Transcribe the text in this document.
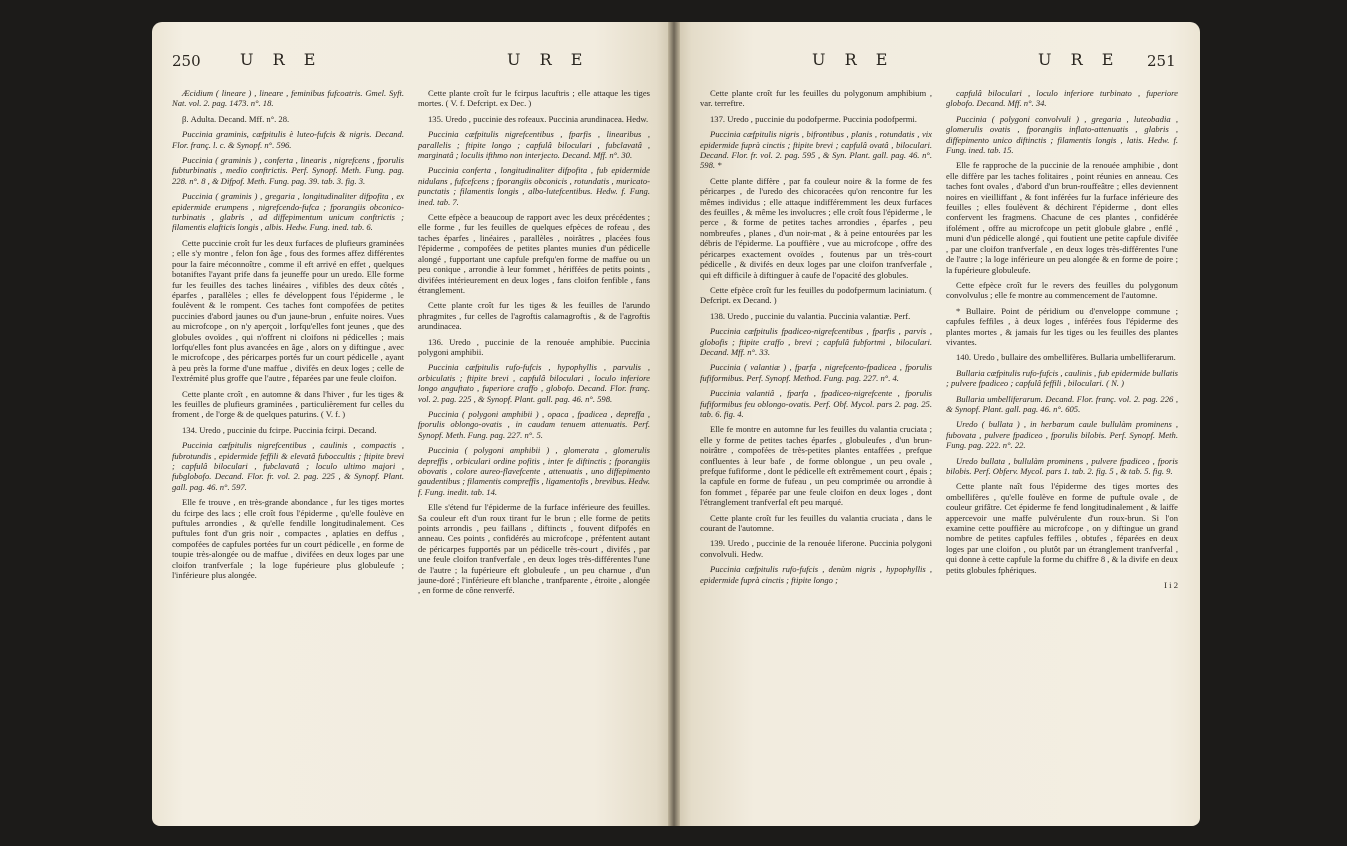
250 U R E	U R E	U R E	U R E 251

Æcidium ( lineare ) , lineare , feminibus fufcoatris. Gmel. Syft. Nat. vol. 2. pag. 1473. n°. 18.

β. Adulta. Decand. Mff. n°. 28.

Puccinia graminis, cæfpitulis è luteo-fufcis & nigris. Decand. Flor. franç. l. c. & Synopf. n°. 596.

Puccinia ( graminis ) , conferta , linearis , nigrefcens , fporulis fubturbinatis , medio conftrictis. Perf. Synopf. Meth. Fung. pag. 228. n°. 8 , & Difpof. Meth. Fung. pag. 39. tab. 3. fig. 3.

Puccinia ( graminis ) , gregaria , longitudinaliter difpofita , ex epidermide erumpens , nigrefcendo-fufca ; fporangiis obconico-turbinatis , glabris , ad diffepimentum unicum conftrictis ; filamentis elafticis longis , albis. Hedw. Fung. ined. tab. 6.

Cette puccinie croît fur les deux furfaces de plufieurs graminées ; elle s'y montre , felon fon âge , fous des formes affez différentes pour la faire méconnoître , comme il eft arrivé en effet , quelques botaniftes l'ayant prife dans fa jeuneffe pour un uredo. Elle forme fur les feuilles des taches linéaires , vifibles des deux côtés , éparfes , parallèles ; elles fe développent fous l'épiderme , le foulèvent & le rompent. Ces taches font compofées de petites puccinies d'abord jaunes ou d'un jaune-brun , enfuite noires. Vues au microfcope , on n'y aperçoit , lorfqu'elles font jeunes , que des globules ovoïdes , qui n'offrent ni cloifons ni pédicelles ; mais lorfqu'elles font plus avancées en âge , alors on y diftingue , avec le microfcope , des péricarpes portés fur un court pédicelle , ayant à peu près la forme d'une maffue , divifés en deux loges ; celle de l'extrémité plus groffe que l'autre , féparées par une feule cloifon.

Cette plante croît , en automne & dans l'hiver , fur les tiges & les feuilles de plufieurs graminées , particulièrement fur celles du froment , de l'orge & de quelques paturins. ( V. f. )

134. Uredo , puccinie du fcirpe. Puccinia fcirpi. Decand.

Puccinia cæfpitulis nigrefcentibus , caulinis , compactis , fubrotundis , epidermide feffili & elevatâ fuboccultis ; ftipite brevi ; capfulâ biloculari , fubclavatâ ; loculo ultimo majori , fubglobofo. Decand. Flor. fr. vol. 2. pag. 225 , & Synopf. Plant. gall. pag. 46. n°. 597.

Elle fe trouve , en très-grande abondance , fur les tiges mortes du fcirpe des lacs ; elle croît fous l'épiderme , qu'elle foulève en puftules arrondies , & qu'elle fendille longitudinalement. Ces puftules font d'un gris noir , compactes , aplaties en deffus , compofées de capfules portées fur un court pédicelle , en forme de toupie très-alongée ou de maffue , divifées en deux loges par une cloifon tranfverfale ; la loge fupérieure plus globuleufe ; l'inférieure plus alongée.

Cette plante croît fur le fcirpus lacuftris ; elle attaque les tiges mortes. ( V. f. Defcript. ex Dec. )

135. Uredo , puccinie des rofeaux. Puccinia arundinacea. Hedw.

Puccinia cæfpitulis nigrefcentibus , fparfis , linearibus , parallelis ; ftipite longo ; capfulâ biloculari , fubclavatâ , marginatâ ; loculis ifthmo non interjecto. Decand. Mff. n°. 30.

Puccinia conferta , longitudinaliter difpofita , fub epidermide nidulans , fufcefcens ; fporangiis obconicis , rotundatis , muricato-punctatis ; filamentis longis , albo-lutefcentibus. Hedw. f. Fung. ined. tab. 7.

Cette efpèce a beaucoup de rapport avec les deux précédentes ; elle forme , fur les feuilles de quelques efpèces de rofeau , des taches éparfes , linéaires , parallèles , noirâtres , placées fous l'épiderme , compofées de petites plantes munies d'un pédicelle alongé , fupportant une capfule prefqu'en forme de maffue ou un peu conique , arrondie à leur fommet , hériffées de petits points , divifées intérieurement en deux loges , fans cloifon fenfible , fans étranglement.

Cette plante croît fur les tiges & les feuilles de l'arundo phragmites , fur celles de l'agroftis calamagroftis , & de l'agroftis arundinacea.

136. Uredo , puccinie de la renouée amphibie. Puccinia polygoni amphibii.

Puccinia cæfpitulis rufo-fufcis , hypophyllis , parvulis , orbiculatis ; ftipite brevi , capfulâ biloculari , loculo inferiore longo anguftato , fuperiore craffo , globofo. Decand. Flor. franç. vol. 2. pag. 225 , & Synopf. Plant. gall. pag. 46. n°. 598.

Puccinia ( polygoni amphibii ) , opaca , fpadicea , depreffa , fporulis oblongo-ovatis , in caudam tenuem attenuatis. Perf. Synopf. Meth. Fung. pag. 227. n°. 5.

Puccinia ( polygoni amphibii ) , glomerata , glomerulis depreffis , orbiculari ordine pofitis , inter fe diftinctis ; fporangiis obovatis , colore aureo-flavefcente , attenuatis , uno diffepimento gaudentibus ; filamentis compreffis , ligamentofis , brevibus. Hedw. f. Fung. inedit. tab. 14.

Elle s'étend fur l'épiderme de la furface inférieure des feuilles. Sa couleur eft d'un roux tirant fur le brun ; elle forme de petits points arrondis , peu faillans , diftincts , fouvent difpofés en anneau. Ces points , confidérés au microfcope , préfentent autant de péricarpes fupportés par un pédicelle très-court , divifés , par une feule cloifon tranfverfale , en deux loges très-différentes l'une de l'autre ; la fupérieure eft globuleufe , un peu charnue , d'un jaune-doré ; l'inférieure eft blanche , tranfparente , étroite , alongée , en forme de cône renverfé.

Cette plante croît fur les feuilles du polygonum amphibium , var. terreftre.

137. Uredo , puccinie du podofperme. Puccinia podofpermi.

Puccinia cæfpitulis nigris , bifrontibus , planis , rotundatis , vix epidermide fuprà cinctis ; ftipite brevi ; capfulâ ovatâ , biloculari. Decand. Flor. fr. vol. 2. pag. 595 , & Syn. Plant. gall. pag. 46. n°. 598. *

Cette plante diffère , par fa couleur noire & la forme de fes péricarpes , de l'uredo des chicoracées qu'on rencontre fur les mêmes individus ; elle attaque indifféremment les deux furfaces des feuilles , & même les involucres ; elle croît fous l'épiderme , le perce , & forme de petites taches arrondies , éparfes , peu nombreufes , planes , d'un noir-mat , & à peine entourées par les débris de l'épiderme. La pouffière , vue au microfcope , offre des péricarpes exactement ovoïdes , foutenus par un très-court pédicelle , & divifés en deux loges par une cloifon tranfverfale , qui eft difficile à diftinguer à caufe de l'opacité des globules.

Cette efpèce croît fur les feuilles du podofpermum laciniatum. ( Defcript. ex Decand. )

138. Uredo , puccinie du valantia. Puccinia valantiæ. Perf.

Puccinia cæfpitulis fpadiceo-nigrefcentibus , fparfis , parvis , globofis ; ftipite craffo , brevi ; capfulâ fubfortmi , biloculari. Decand. Mff. n°. 33.

Puccinia ( valantiæ ) , fparfa , nigrefcento-fpadicea , fporulis fufiformibus. Perf. Synopf. Method. Fung. pag. 227. n°. 4.

Puccinia valantiâ , fparfa , fpadiceo-nigrefcente , fporulis fufiformibus feu oblongo-ovatis. Perf. Obf. Mycol. pars 2. pag. 25. tab. 6. fig. 4.

Elle fe montre en automne fur les feuilles du valantia cruciata ; elle y forme de petites taches éparfes , globuleufes , d'un brun-noirâtre , compofées de très-petites plantes entaffées , prefque confluentes à leur bafe , de forme oblongue , un peu ovale , prefque fufiforme , dont le pédicelle eft extrêmement court , épais ; la capfule en forme de fufeau , un peu comprimée ou arrondie à fon fommet , féparée par une feule cloifon en deux loges , dont l'étranglement tranfverfal eft peu marqué.

Cette plante croît fur les feuilles du valantia cruciata , dans le courant de l'automne.

139. Uredo , puccinie de la renouée liferone. Puccinia polygoni convolvuli. Hedw.

Puccinia cæfpitulis rufo-fufcis , denùm nigris , hypophyllis , epidermide fuprà cinctis ; ftipite longo ;

capfulâ biloculari , loculo inferiore turbinato , fuperiore globofo. Decand. Mff. n°. 34.

Puccinia ( polygoni convolvuli ) , gregaria , luteobadia , glomerulis ovatis , fporangiis inflato-attenuatis , glabris , diffepimento unico diftinctis ; filamentis longis , latis. Hedw. f. Fung. ined. tab. 15.

Elle fe rapproche de la puccinie de la renouée amphibie , dont elle diffère par les taches folitaires , point réunies en anneau. Ces taches font ovales , d'abord d'un brun-rouffeâtre ; elles deviennent noires en vieilliffant , & font inférées fur la furface inférieure des feuilles ; elles foulèvent & déchirent l'épiderme , dont elles confervent les fragmens. Chacune de ces plantes , confidérée ifolément , offre au microfcope un petit globule glabre , enflé , muni d'un pédicelle alongé , qui foutient une petite capfule divifée , par une cloifon tranfverfale , en deux loges très-différentes l'une de l'autre ; la loge inférieure un peu alongée & en forme de poire ; la fupérieure globuleufe.

Cette efpèce croît fur le revers des feuilles du polygonum convolvulus ; elle fe montre au commencement de l'automne.

* Bullaire. Point de péridium ou d'enveloppe commune ; capfules feffiles , à deux loges , inférées fous l'épiderme des plantes mortes , & jamais fur les tiges ou les feuilles des plantes vivantes.

140. Uredo , bullaire des ombellifères. Bullaria umbelliferarum.

Bullaria cæfpitulis rufo-fufcis , caulinis , fub epidermide bullatis ; pulvere fpadiceo ; capfulâ feffili , biloculari. ( N. )

Bullaria umbelliferarum. Decand. Flor. franç. vol. 2. pag. 226 , & Synopf. Plant. gall. pag. 46. n°. 605.

Uredo ( bullata ) , in herbarum caule bullulàm prominens , fubovata , pulvere fpadiceo , fporulis bilobis. Perf. Synopf. Meth. Fung. pag. 222. n°. 22.

Uredo bullata , bullulàm prominens , pulvere fpadiceo , fporis bilobis. Perf. Obferv. Mycol. pars 1. tab. 2. fig. 5 , & tab. 5. fig. 9.

Cette plante naît fous l'épiderme des tiges mortes des ombellifères , qu'elle foulève en forme de puftule ovale , de couleur grifâtre. Cet épiderme fe fend longitudinalement , & laiffe appercevoir une maffe pulvérulente d'un roux-brun. Si l'on examine cette pouffière au microfcope , on y diftingue un grand nombre de petites capfules feffiles , obtufes , féparées en deux loges par une cloifon , ou plutôt par un étranglement tranfverfal , qui donne à cette capfule la forme du chiffre 8 , & la divife en deux petits globules fphériques.

I i 2
